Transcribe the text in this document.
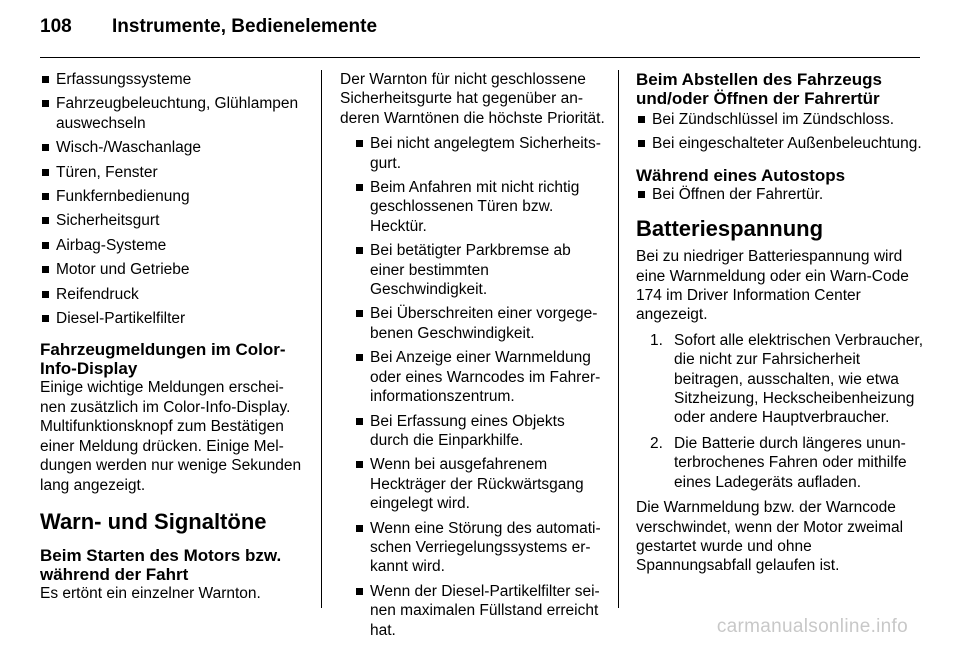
108	Instrumente, Bedienelemente
Erfassungssysteme
Fahrzeugbeleuchtung, Glühlampen auswechseln
Wisch-/Waschanlage
Türen, Fenster
Funkfernbedienung
Sicherheitsgurt
Airbag-Systeme
Motor und Getriebe
Reifendruck
Diesel-Partikelfilter
Fahrzeugmeldungen im Color-Info-Display

Einige wichtige Meldungen erscheinen zusätzlich im Color-Info-Display. Multifunktionsknopf zum Bestätigen einer Meldung drücken. Einige Meldungen werden nur wenige Sekunden lang angezeigt.

Warn- und Signaltöne
Beim Starten des Motors bzw. während der Fahrt

Es ertönt ein einzelner Warnton.

Der Warnton für nicht geschlossene Sicherheitsgurte hat gegenüber anderen Warntönen die höchste Priorität.

Bei nicht angelegtem Sicherheitsgurt.
Beim Anfahren mit nicht richtig geschlossenen Türen bzw. Hecktür.
Bei betätigter Parkbremse ab einer bestimmten Geschwindigkeit.
Bei Überschreiten einer vorgegebenen Geschwindigkeit.
Bei Anzeige einer Warnmeldung oder eines Warncodes im Fahrerinformationszentrum.
Bei Erfassung eines Objekts durch die Einparkhilfe.
Wenn bei ausgefahrenem Heckträger der Rückwärtsgang eingelegt wird.
Wenn eine Störung des automatischen Verriegelungssystems erkannt wird.
Wenn der Diesel-Partikelfilter seinen maximalen Füllstand erreicht hat.
Beim Abstellen des Fahrzeugs und/oder Öffnen der Fahrertür
Bei Zündschlüssel im Zündschloss.
Bei eingeschalteter Außenbeleuchtung.
Während eines Autostops
Bei Öffnen der Fahrertür.
Batteriespannung

Bei zu niedriger Batteriespannung wird eine Warnmeldung oder ein Warn-Code 174 im Driver Information Center angezeigt.

1. Sofort alle elektrischen Verbraucher, die nicht zur Fahrsicherheit beitragen, ausschalten, wie etwa Sitzheizung, Heckscheibenheizung oder andere Hauptverbraucher.
2. Die Batterie durch längeres ununterbrochenes Fahren oder mithilfe eines Ladegeräts aufladen.

Die Warnmeldung bzw. der Warncode verschwindet, wenn der Motor zweimal gestartet wurde und ohne Spannungsabfall gelaufen ist.

carmanualsonline.info
